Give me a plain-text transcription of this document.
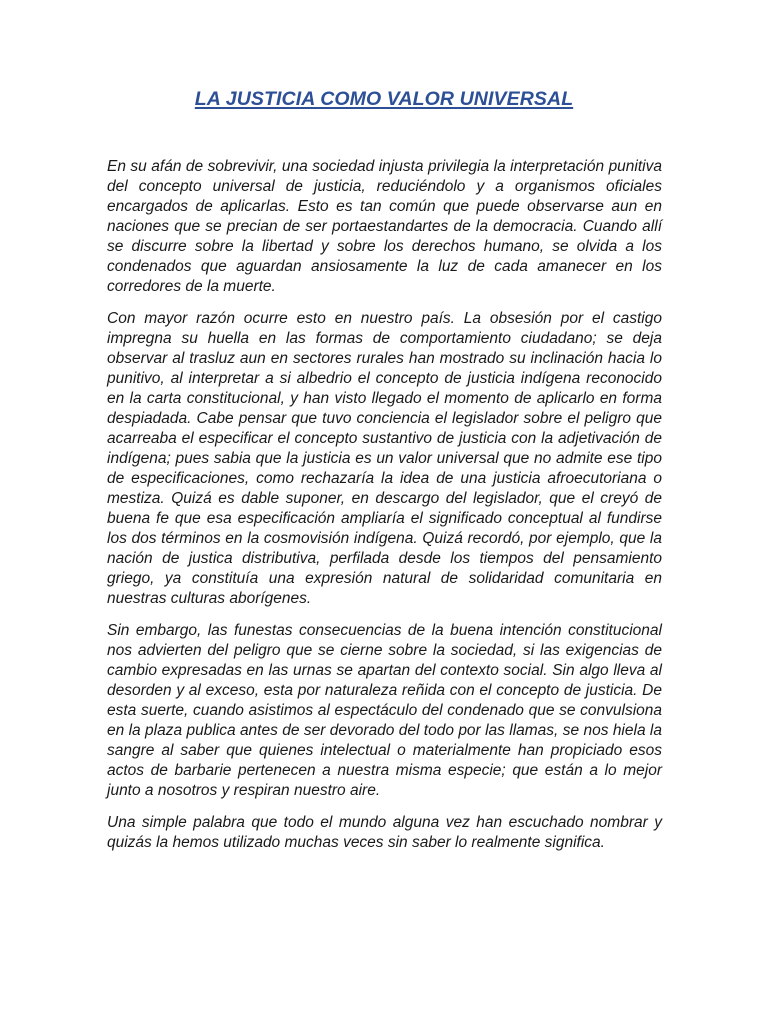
LA JUSTICIA COMO VALOR UNIVERSAL

En su afán de sobrevivir, una sociedad injusta privilegia la interpretación punitiva del concepto universal de justicia, reduciéndolo y a organismos oficiales encargados de aplicarlas. Esto es tan común que puede observarse aun en naciones que se precian de ser portaestandartes de la democracia. Cuando allí se discurre sobre la libertad y sobre los derechos humano, se olvida a los condenados que aguardan ansiosamente la luz de cada amanecer en los corredores de la muerte.

Con mayor razón ocurre esto en nuestro país. La obsesión por el castigo impregna su huella en las formas de comportamiento ciudadano; se deja observar al trasluz aun en sectores rurales han mostrado su inclinación hacia lo punitivo, al interpretar a si albedrio el concepto de justicia indígena reconocido en la carta constitucional, y han visto llegado el momento de aplicarlo en forma despiadada. Cabe pensar que tuvo conciencia el legislador sobre el peligro que acarreaba el especificar el concepto sustantivo de justicia con la adjetivación de indígena; pues sabia que la justicia es un valor universal que no admite ese tipo de especificaciones, como rechazaría la idea de una justicia afroecutoriana o mestiza. Quizá es dable suponer, en descargo del legislador, que el creyó de buena fe que esa especificación ampliaría el significado conceptual al fundirse los dos términos en la cosmovisión indígena. Quizá recordó, por ejemplo, que la nación de justica distributiva, perfilada desde los tiempos del pensamiento griego, ya constituía una expresión natural de solidaridad comunitaria en nuestras culturas aborígenes.

Sin embargo, las funestas consecuencias de la buena intención constitucional nos advierten del peligro que se cierne sobre la sociedad, si las exigencias de cambio expresadas en las urnas se apartan del contexto social. Sin algo lleva al desorden y al exceso, esta por naturaleza reñida con el concepto de justicia. De esta suerte, cuando asistimos al espectáculo del condenado que se convulsiona en la plaza publica antes de ser devorado del todo por las llamas, se nos hiela la sangre al saber que quienes intelectual o materialmente han propiciado esos actos de barbarie pertenecen a nuestra misma especie; que están a lo mejor junto a nosotros y respiran nuestro aire.

Una simple palabra que todo el mundo alguna vez han escuchado nombrar y quizás la hemos utilizado muchas veces sin saber lo realmente significa.
